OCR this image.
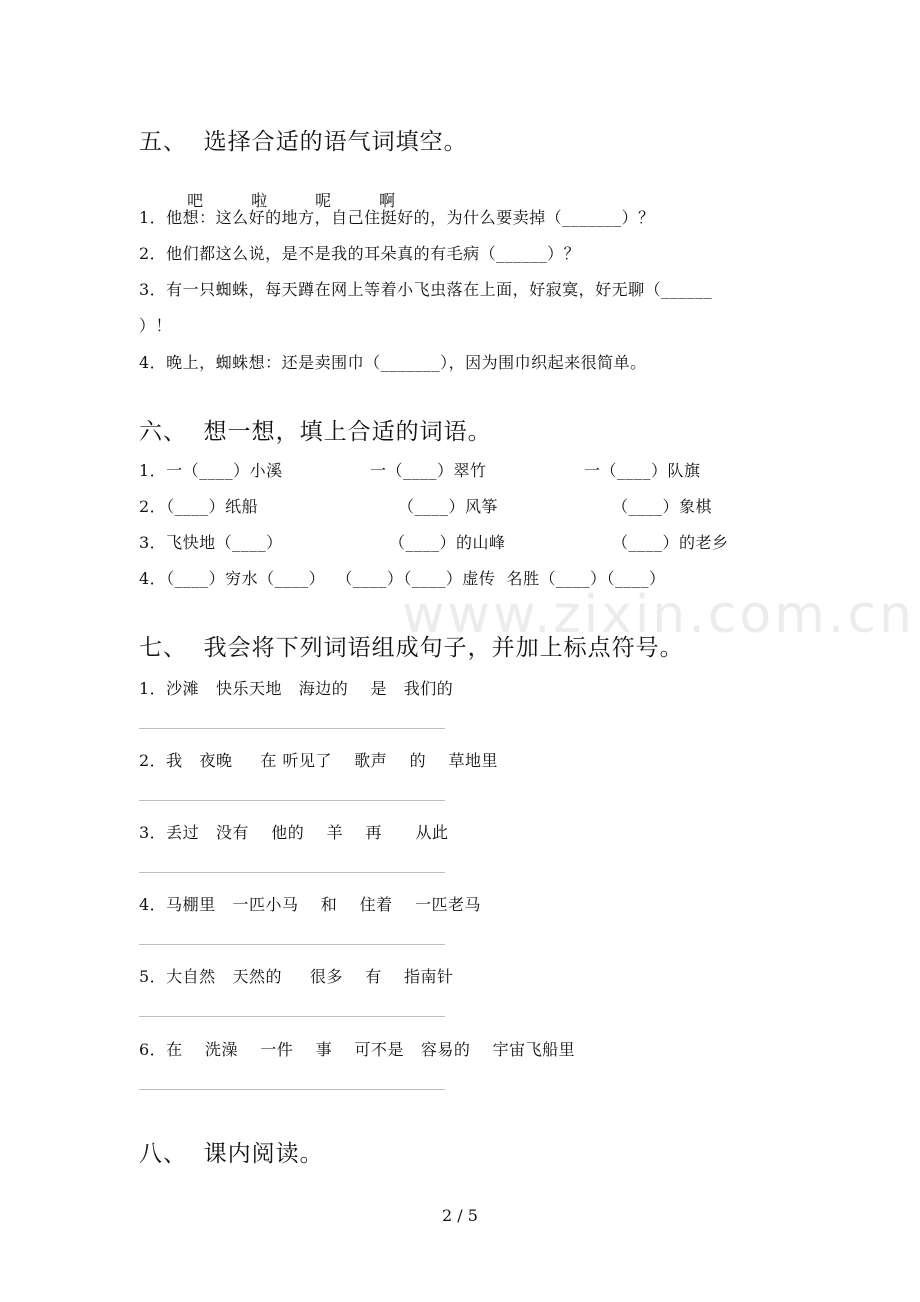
www.zixin.com.cn
五、  选择合适的语气词填空。

吧	啦	呢	啊

1．他想：这么好的地方，自己住挺好的，为什么要卖掉（_______）？
2．他们都这么说，是不是我的耳朵真的有毛病（______）？
3．有一只蜘蛛，每天蹲在网上等着小飞虫落在上面，好寂寞，好无聊（______
）！
4．晚上，蜘蛛想：还是卖围巾（_______），因为围巾织起来很简单。
六、  想一想，填上合适的词语。
1．一（____）小溪	一（____）翠竹	一（____）队旗
2．（____）纸船	（____）风筝	（____）象棋
3．飞快地（____）	（____）的山峰	（____）的老乡
4．（____）穷水（____）  （____）（____）虚传  名胜（____）（____）
七、  我会将下列词语组成句子，并加上标点符号。
1．沙滩   快乐天地   海边的    是   我们的
2．我   夜晚     在 听见了    歌声    的    草地里
3．丢过   没有    他的    羊    再      从此
4．马棚里   一匹小马    和    住着    一匹老马
5．大自然   天然的     很多    有    指南针
6．在    洗澡    一件    事    可不是   容易的    宇宙飞船里
八、  课内阅读。
2 / 5
